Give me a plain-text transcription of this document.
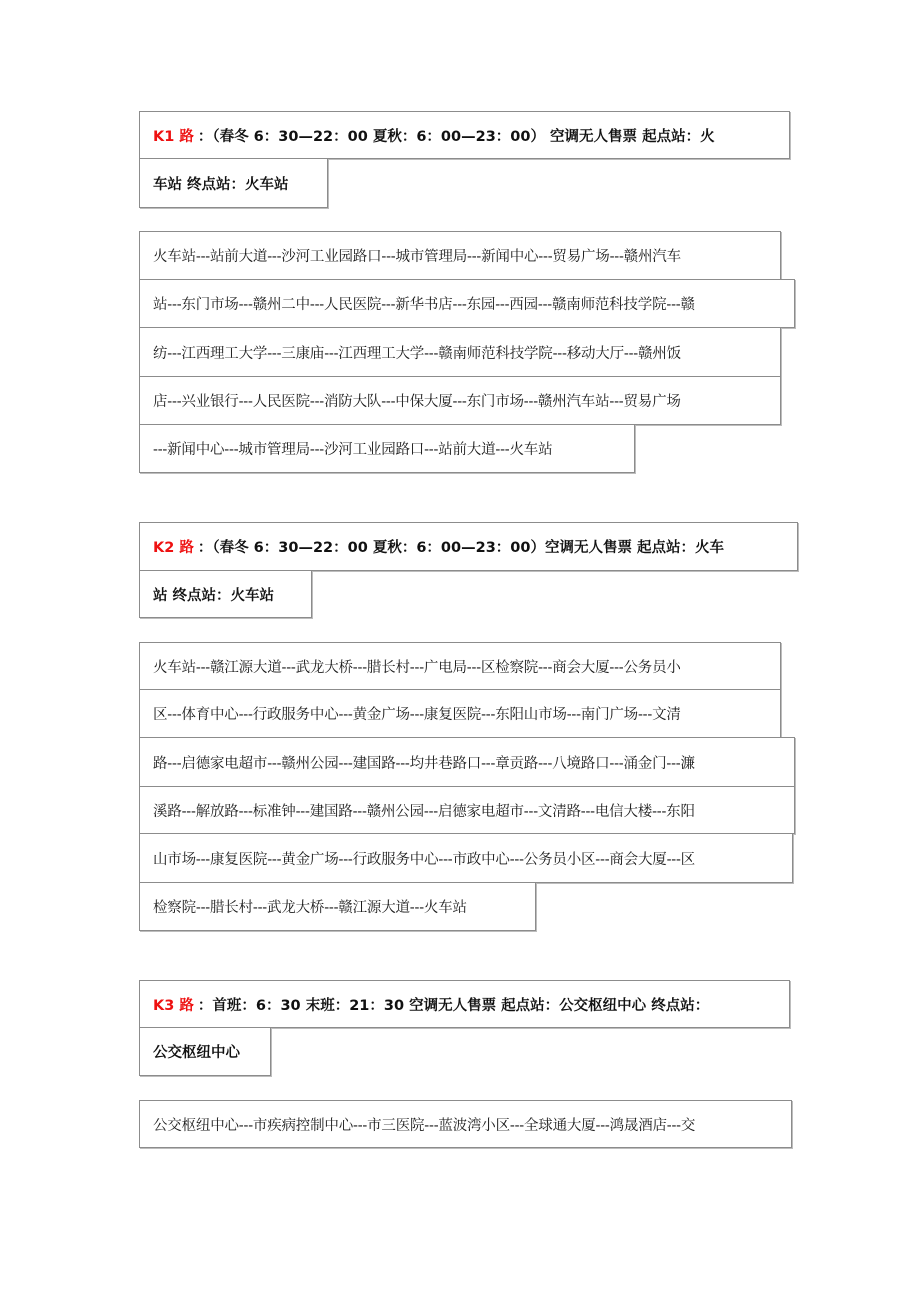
K1 路 ：（春冬 6：30—22：00 夏秋：6：00—23：00） 空调无人售票 起点站：火
车站 终点站：火车站
火车站---站前大道---沙河工业园路口---城市管理局---新闻中心---贸易广场---赣州汽车
站---东门市场---赣州二中---人民医院---新华书店---东园---西园---赣南师范科技学院---赣
纺---江西理工大学---三康庙---江西理工大学---赣南师范科技学院---移动大厅---赣州饭
店---兴业银行---人民医院---消防大队---中保大厦---东门市场---赣州汽车站---贸易广场
---新闻中心---城市管理局---沙河工业园路口---站前大道---火车站
K2 路 ：（春冬 6：30—22：00 夏秋：6：00—23：00）空调无人售票 起点站：火车
站 终点站：火车站
火车站---赣江源大道---武龙大桥---腊长村---广电局---区检察院---商会大厦---公务员小
区---体育中心---行政服务中心---黄金广场---康复医院---东阳山市场---南门广场---文清
路---启德家电超市---赣州公园---建国路---均井巷路口---章贡路---八境路口---涌金门---濂
溪路---解放路---标准钟---建国路---赣州公园---启德家电超市---文清路---电信大楼---东阳
山市场---康复医院---黄金广场---行政服务中心---市政中心---公务员小区---商会大厦---区
检察院---腊长村---武龙大桥---赣江源大道---火车站
K3 路 ：首班：6：30 末班：21：30 空调无人售票 起点站：公交枢纽中心 终点站：
公交枢纽中心
公交枢纽中心---市疾病控制中心---市三医院---蓝波湾小区---全球通大厦---鸿晟酒店---交
